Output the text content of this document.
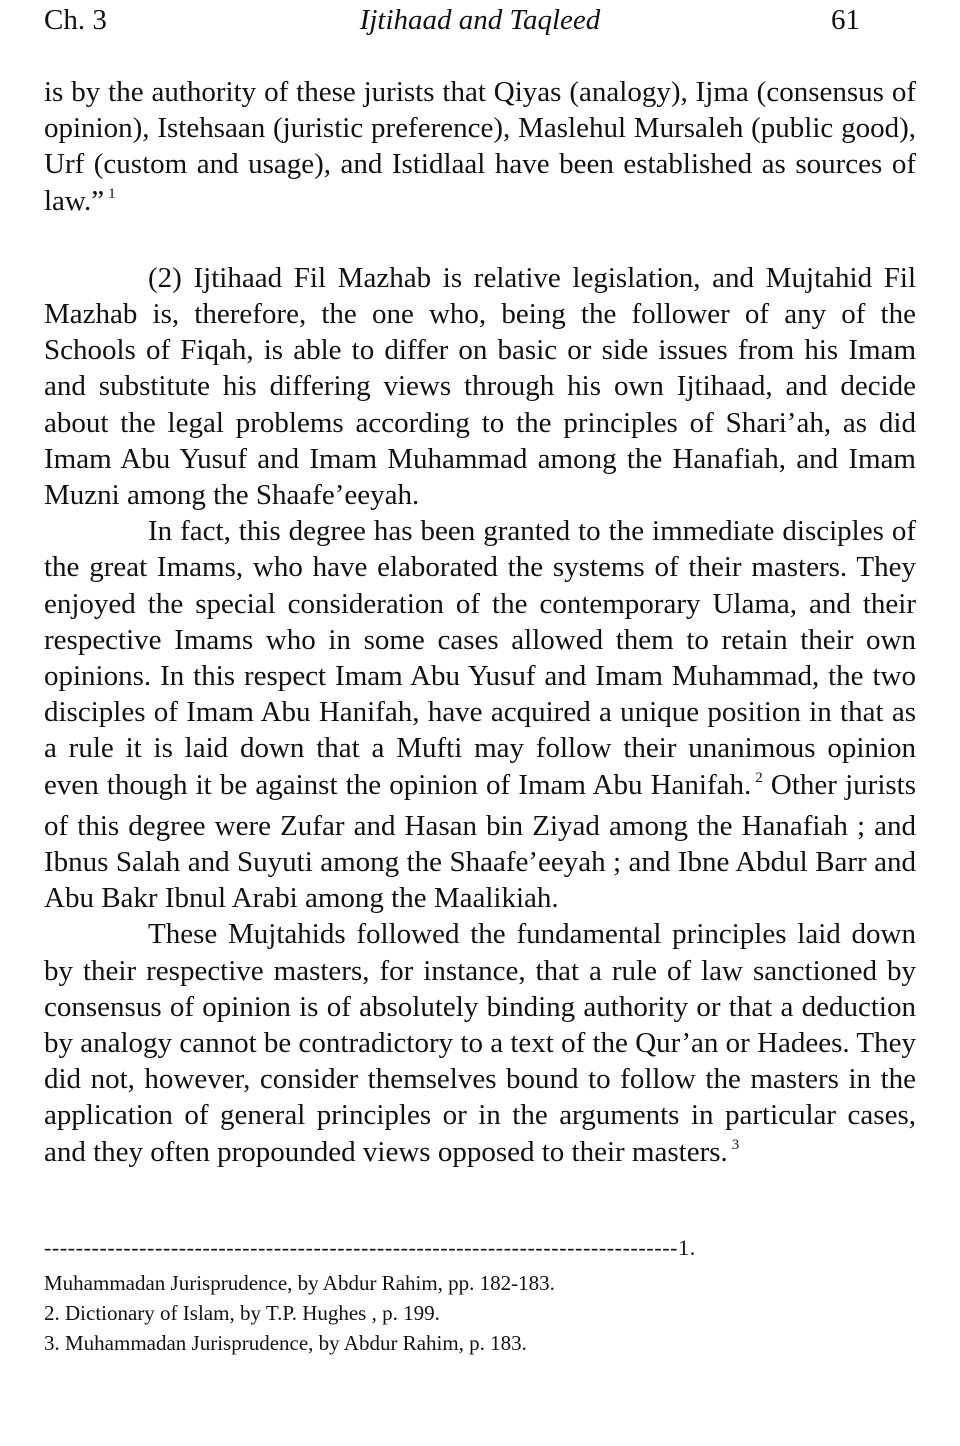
Ch. 3	Ijtihaad and Taqleed	61

is by the authority of these jurists that Qiyas (analogy), Ijma (consensus of opinion), Istehsaan (juristic preference), Maslehul Mursaleh (public good), Urf (custom and usage), and Istidlaal have been established as sources of law.” $^1$

(2) Ijtihaad Fil Mazhab is relative legislation, and Mujtahid Fil Mazhab is, therefore, the one who, being the follower of any of the Schools of Fiqah, is able to differ on basic or side issues from his Imam and substitute his differing views through his own Ijtihaad, and decide about the legal problems according to the principles of Shari’ah, as did Imam Abu Yusuf and Imam Muhammad among the Hanafiah, and Imam Muzni among the Shaafe’eeyah.

In fact, this degree has been granted to the immediate disciples of the great Imams, who have elaborated the systems of their masters. They enjoyed the special consideration of the contemporary Ulama, and their respective Imams who in some cases allowed them to retain their own opinions. In this respect Imam Abu Yusuf and Imam Muhammad, the two disciples of Imam Abu Hanifah, have acquired a unique position in that as a rule it is laid down that a Mufti may follow their unanimous opinion even though it be against the opinion of Imam Abu Hanifah. $^2$ Other jurists of this degree were Zufar and Hasan bin Ziyad among the Hanafiah ; and Ibnus Salah and Suyuti among the Shaafe’eeyah ; and Ibne Abdul Barr and Abu Bakr Ibnul Arabi among the Maalikiah.

These Mujtahids followed the fundamental principles laid down by their respective masters, for instance, that a rule of law sanctioned by consensus of opinion is of absolutely binding authority or that a deduction by analogy cannot be contradictory to a text of the Qur’an or Hadees. They did not, however, consider themselves bound to follow the masters in the application of general principles or in the arguments in particular cases, and they often propounded views opposed to their masters. $^3$

--------------------------------------------------------------------------------1.
Muhammadan Jurisprudence, by Abdur Rahim, pp. 182-183.
2. Dictionary of Islam, by T.P. Hughes , p. 199.
3. Muhammadan Jurisprudence, by Abdur Rahim, p. 183.
